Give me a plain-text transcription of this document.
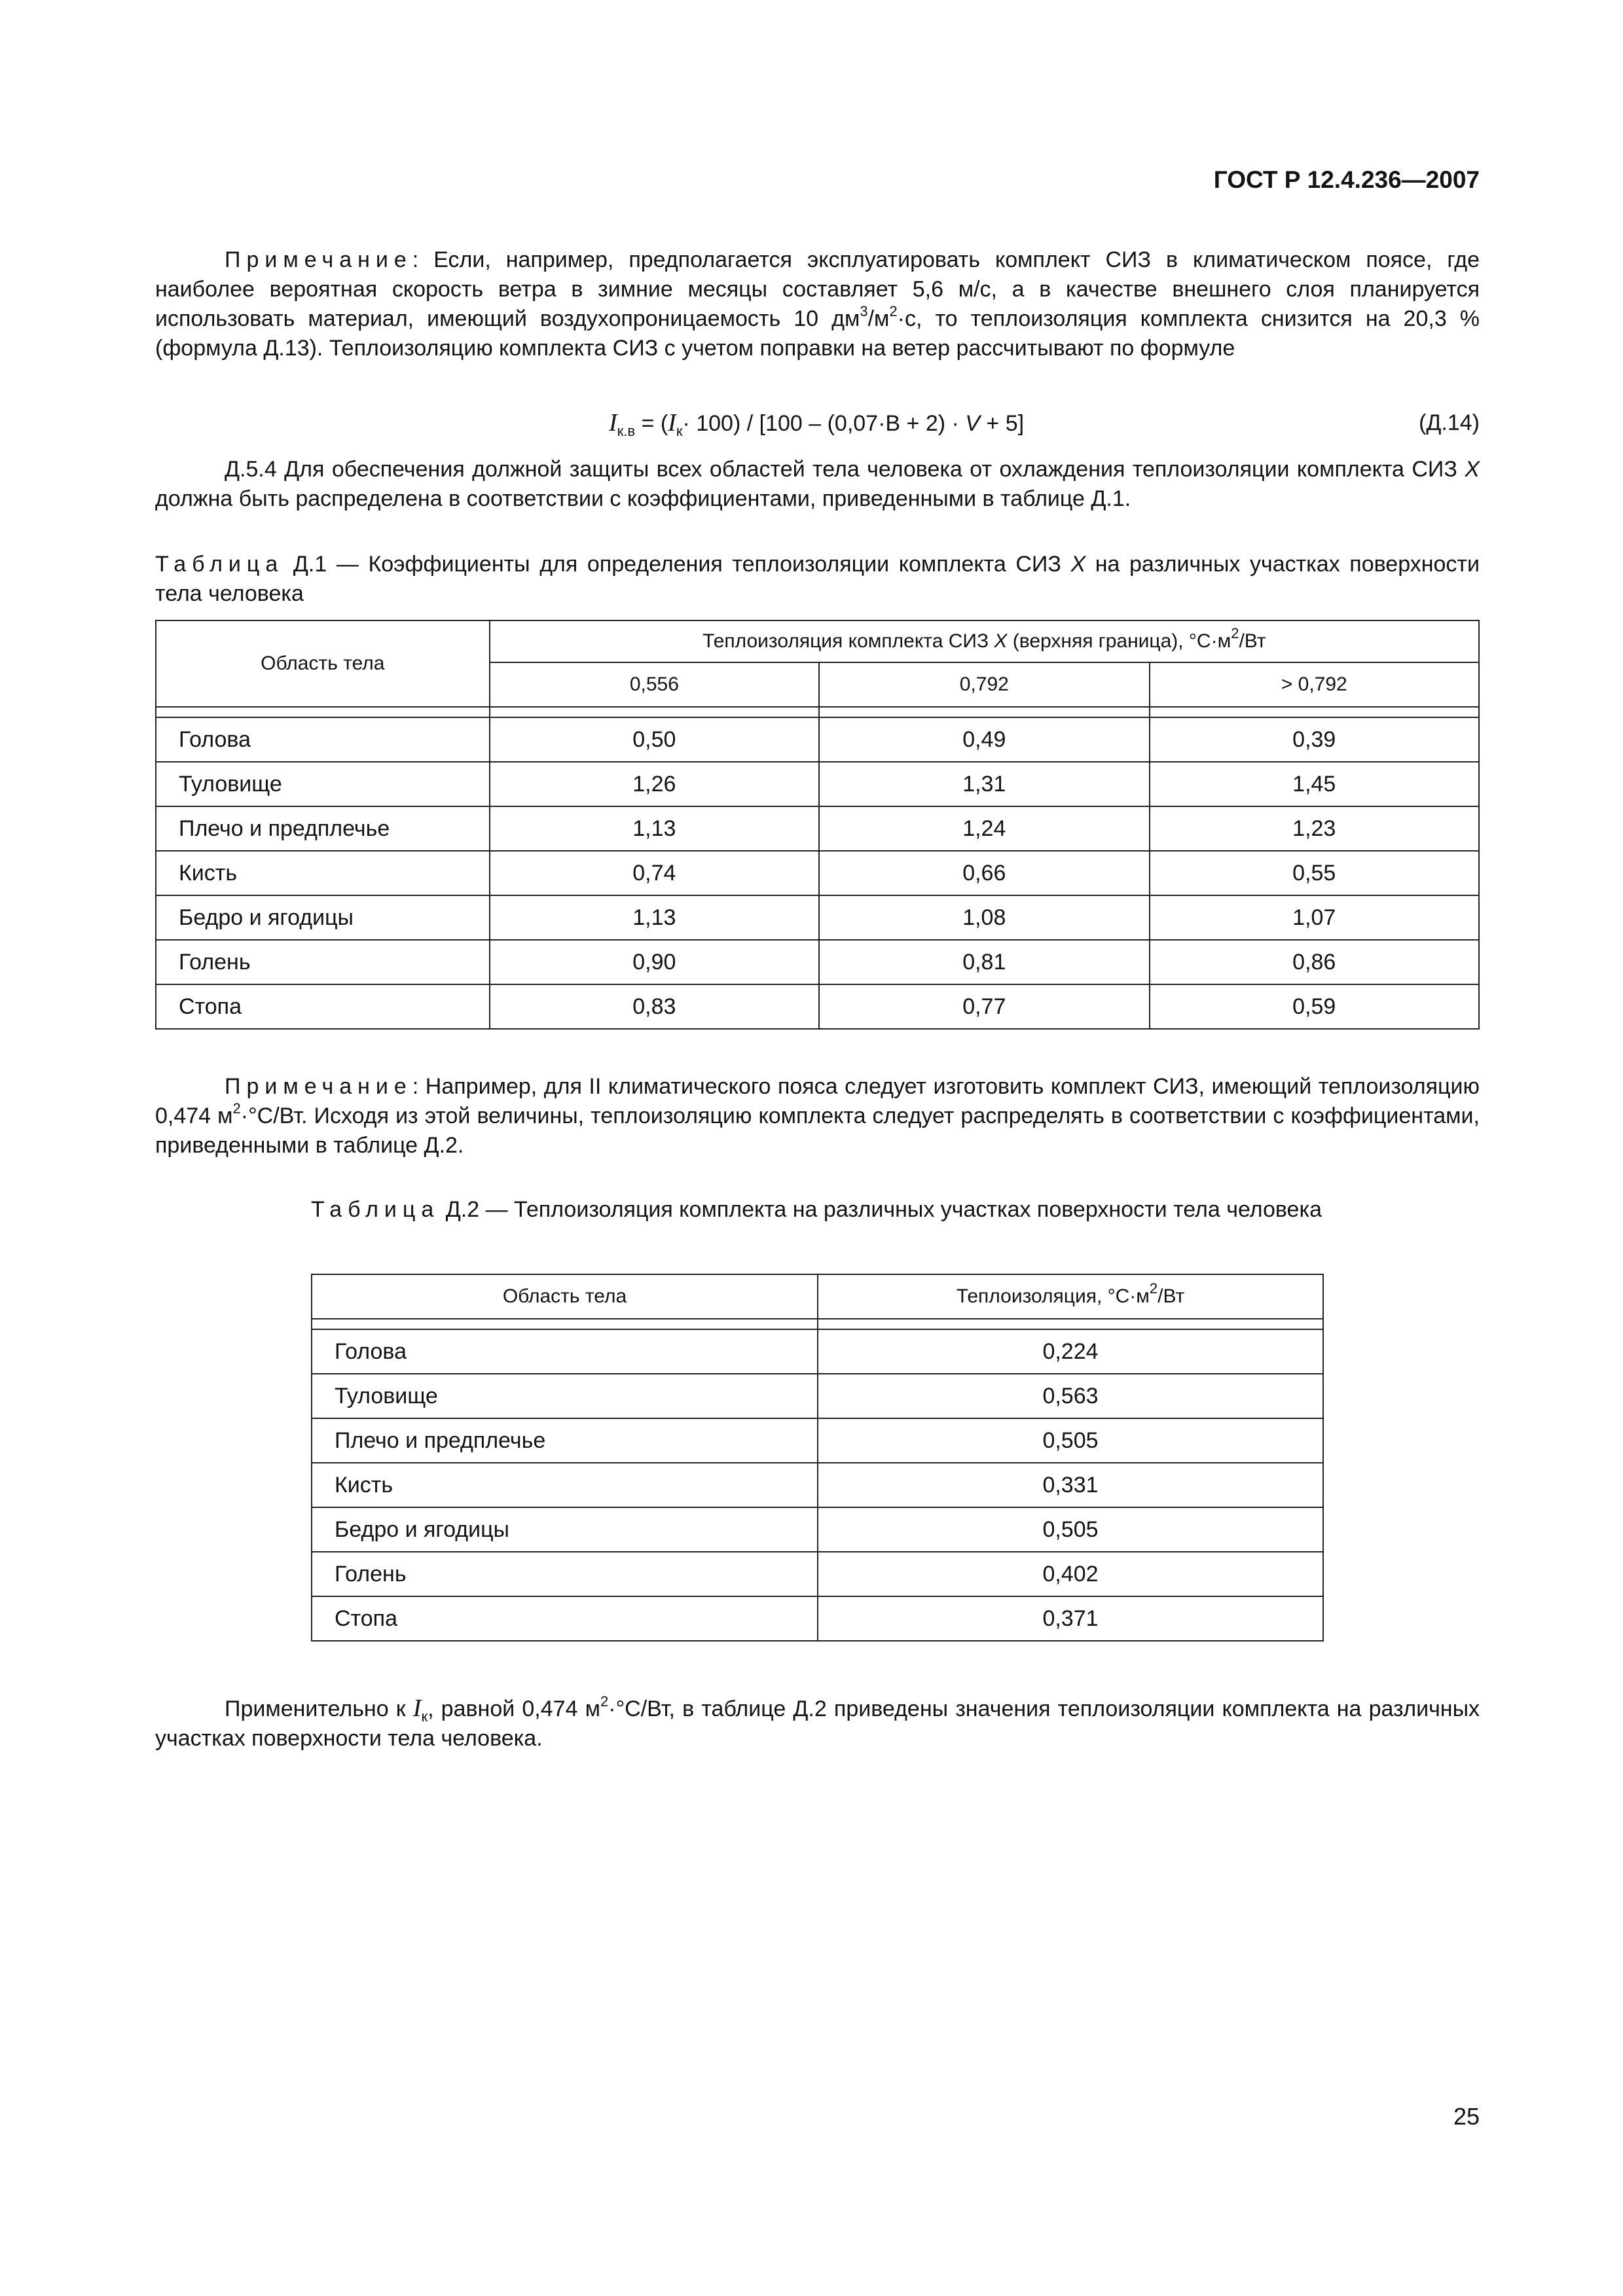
ГОСТ Р 12.4.236—2007
Примечание: Если, например, предполагается эксплуатировать комплект СИЗ в климатическом поясе, где наиболее вероятная скорость ветра в зимние месяцы составляет 5,6 м/с, а в качестве внешнего слоя планируется использовать материал, имеющий воздухопроницаемость 10 $дм^3/м^2\cdot с$, то теплоизоляция комплекта снизится на 20,3 % (формула Д.13). Теплоизоляцию комплекта СИЗ с учетом поправки на ветер рассчитывают по формуле
$I_{к.в} = (I_к\cdot 100) / [100 - (0,07\cdot В + 2) \cdot V + 5]$	(Д.14)
Д.5.4 Для обеспечения должной защиты всех областей тела человека от охлаждения теплоизоляции комплекта СИЗ X должна быть распределена в соответствии с коэффициентами, приведенными в таблице Д.1.
Таблица Д.1 — Коэффициенты для определения теплоизоляции комплекта СИЗ X на различных участках поверхности тела человека
Область тела	Теплоизоляция комплекта СИЗ X (верхняя граница), $^\circ С\cdot м^2/Вт$		
	0,556	0,792	> 0,792

Голова	0,50	0,49	0,39
Туловище	1,26	1,31	1,45
Плечо и предплечье	1,13	1,24	1,23
Кисть	0,74	0,66	0,55
Бедро и ягодицы	1,13	1,08	1,07
Голень	0,90	0,81	0,86
Стопа	0,83	0,77	0,59
Примечание: Например, для II климатического пояса следует изготовить комплект СИЗ, имеющий теплоизоляцию 0,474 $м^2\cdot^\circ С/Вт$. Исходя из этой величины, теплоизоляцию комплекта следует распределять в соответствии с коэффициентами, приведенными в таблице Д.2.
Таблица Д.2 — Теплоизоляция комплекта на различных участках поверхности тела человека
Область тела	Теплоизоляция, $^\circ С\cdot м^2/Вт$

Голова	0,224
Туловище	0,563
Плечо и предплечье	0,505
Кисть	0,331
Бедро и ягодицы	0,505
Голень	0,402
Стопа	0,371
Применительно к $I_к$, равной 0,474 $м^2\cdot^\circ С/Вт$, в таблице Д.2 приведены значения теплоизоляции комплекта на различных участках поверхности тела человека.
25
